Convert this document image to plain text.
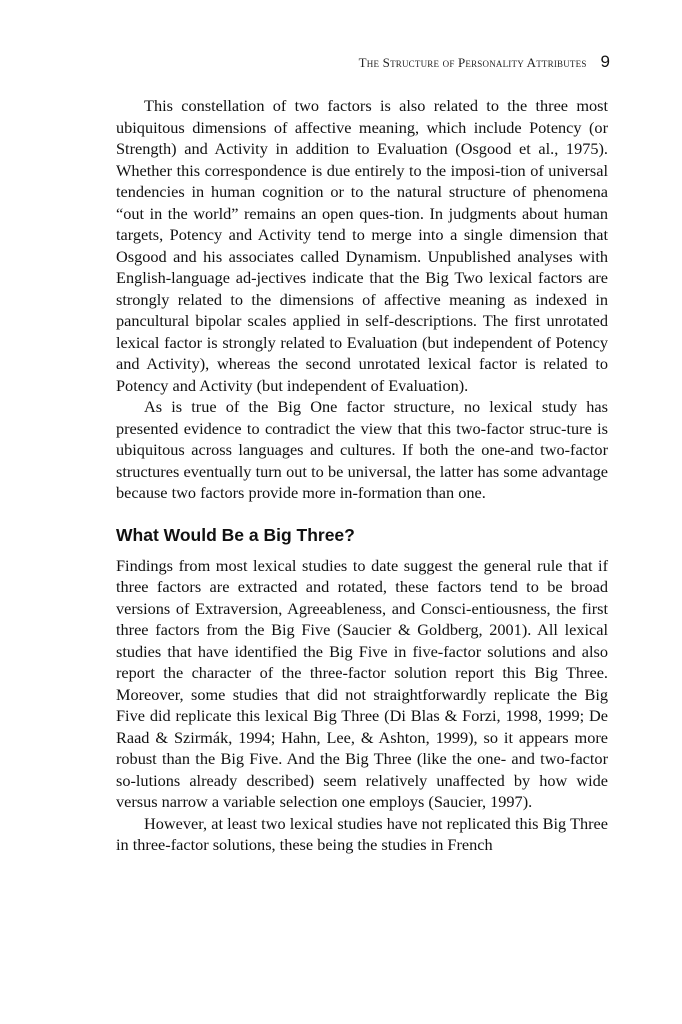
The Structure of Personality Attributes 9

This constellation of two factors is also related to the three most ubiquitous dimensions of affective meaning, which include Potency (or Strength) and Activity in addition to Evaluation (Osgood et al., 1975). Whether this correspondence is due entirely to the imposi-tion of universal tendencies in human cognition or to the natural structure of phenomena “out in the world” remains an open ques-tion. In judgments about human targets, Potency and Activity tend to merge into a single dimension that Osgood and his associates called Dynamism. Unpublished analyses with English-language ad-jectives indicate that the Big Two lexical factors are strongly related to the dimensions of affective meaning as indexed in pancultural bipolar scales applied in self-descriptions. The first unrotated lexical factor is strongly related to Evaluation (but independent of Potency and Activity), whereas the second unrotated lexical factor is related to Potency and Activity (but independent of Evaluation).

As is true of the Big One factor structure, no lexical study has presented evidence to contradict the view that this two-factor struc-ture is ubiquitous across languages and cultures. If both the one-and two-factor structures eventually turn out to be universal, the latter has some advantage because two factors provide more in-formation than one.

What Would Be a Big Three?

Findings from most lexical studies to date suggest the general rule that if three factors are extracted and rotated, these factors tend to be broad versions of Extraversion, Agreeableness, and Consci-entiousness, the first three factors from the Big Five (Saucier & Goldberg, 2001). All lexical studies that have identified the Big Five in five-factor solutions and also report the character of the three-factor solution report this Big Three. Moreover, some studies that did not straightforwardly replicate the Big Five did replicate this lexical Big Three (Di Blas & Forzi, 1998, 1999; De Raad & Szirmák, 1994; Hahn, Lee, & Ashton, 1999), so it appears more robust than the Big Five. And the Big Three (like the one- and two-factor so-lutions already described) seem relatively unaffected by how wide versus narrow a variable selection one employs (Saucier, 1997).

However, at least two lexical studies have not replicated this Big Three in three-factor solutions, these being the studies in French
